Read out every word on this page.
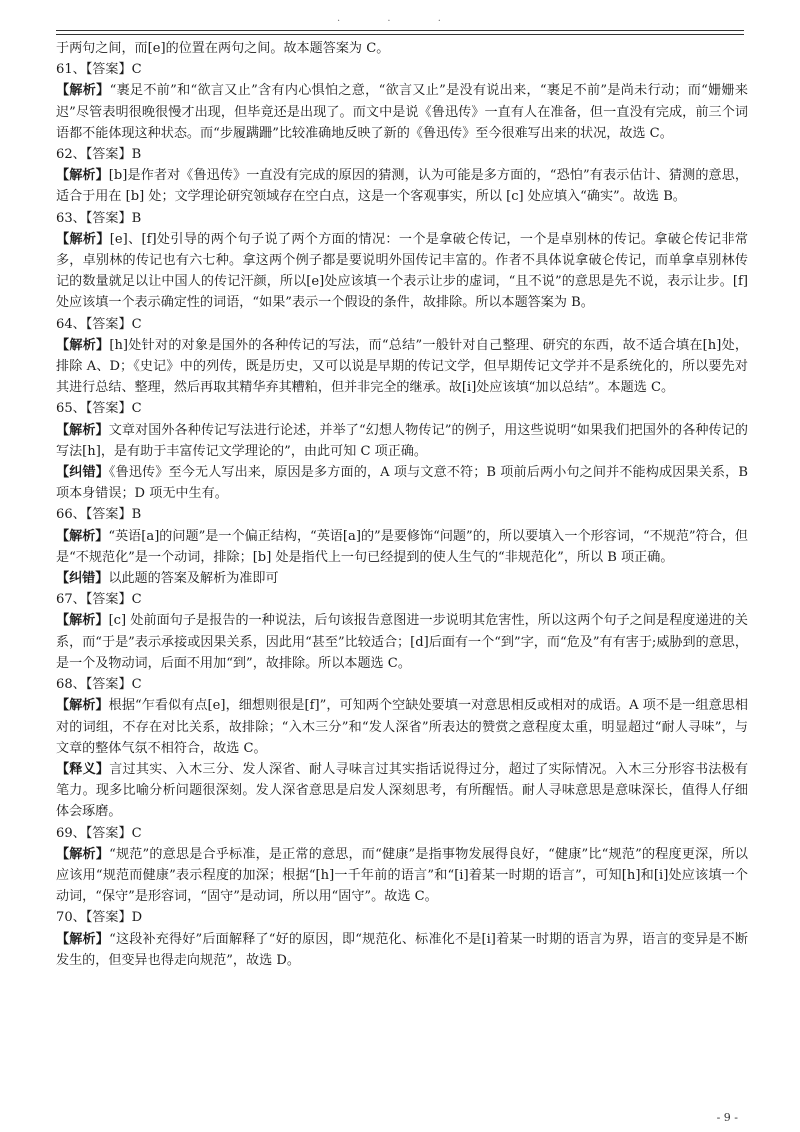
· · ·

于两句之间，而[e]的位置在两句之间。故本题答案为 C。

61、【答案】C

【解析】“裹足不前”和“欲言又止”含有内心惧怕之意，“欲言又止”是没有说出来，“裹足不前”是尚未行动；而“姗姗来迟”尽管表明很晚很慢才出现，但毕竟还是出现了。而文中是说《鲁迅传》一直有人在准备，但一直没有完成，前三个词语都不能体现这种状态。而“步履蹒跚”比较准确地反映了新的《鲁迅传》至今很难写出来的状况，故选 C。

62、【答案】B

【解析】[b]是作者对《鲁迅传》一直没有完成的原因的猜测，认为可能是多方面的，“恐怕”有表示估计、猜测的意思，适合于用在 [b] 处；文学理论研究领域存在空白点，这是一个客观事实，所以 [c] 处应填入“确实”。故选 B。

63、【答案】B

【解析】[e]、[f]处引导的两个句子说了两个方面的情况：一个是拿破仑传记，一个是卓别林的传记。拿破仑传记非常多，卓别林的传记也有六七种。拿这两个例子都是要说明外国传记丰富的。作者不具体说拿破仑传记，而单拿卓别林传记的数量就足以让中国人的传记汗颜，所以[e]处应该填一个表示让步的虚词，“且不说”的意思是先不说，表示让步。[f]处应该填一个表示确定性的词语，“如果”表示一个假设的条件，故排除。所以本题答案为 B。

64、【答案】C

【解析】[h]处针对的对象是国外的各种传记的写法，而“总结”一般针对自己整理、研究的东西，故不适合填在[h]处，排除 A、D；《史记》中的列传，既是历史，又可以说是早期的传记文学，但早期传记文学并不是系统化的，所以要先对其进行总结、整理，然后再取其精华弃其糟粕，但并非完全的继承。故[i]处应该填“加以总结”。本题选 C。

65、【答案】C

【解析】文章对国外各种传记写法进行论述，并举了“幻想人物传记”的例子，用这些说明“如果我们把国外的各种传记的写法[h]，是有助于丰富传记文学理论的”，由此可知 C 项正确。

【纠错】《鲁迅传》至今无人写出来，原因是多方面的，A 项与文意不符；B 项前后两小句之间并不能构成因果关系，B 项本身错误；D 项无中生有。

66、【答案】B

【解析】“英语[a]的问题”是一个偏正结构，“英语[a]的”是要修饰“问题”的，所以要填入一个形容词，“不规范”符合，但是“不规范化”是一个动词，排除；[b] 处是指代上一句已经提到的使人生气的“非规范化”，所以 B 项正确。

【纠错】以此题的答案及解析为准即可

67、【答案】C

【解析】[c] 处前面句子是报告的一种说法，后句该报告意图进一步说明其危害性，所以这两个句子之间是程度递进的关系，而“于是”表示承接或因果关系，因此用“甚至”比较适合；[d]后面有一个“到”字，而“危及”有有害于;威胁到的意思，是一个及物动词，后面不用加“到”，故排除。所以本题选 C。

68、【答案】C

【解析】根据“乍看似有点[e]，细想则很是[f]”，可知两个空缺处要填一对意思相反或相对的成语。A 项不是一组意思相对的词组，不存在对比关系，故排除；“入木三分”和“发人深省”所表达的赞赏之意程度太重，明显超过“耐人寻味”，与文章的整体气氛不相符合，故选 C。

【释义】言过其实、入木三分、发人深省、耐人寻味言过其实指话说得过分，超过了实际情况。入木三分形容书法极有笔力。现多比喻分析问题很深刻。发人深省意思是启发人深刻思考，有所醒悟。耐人寻味意思是意味深长，值得人仔细体会琢磨。

69、【答案】C

【解析】“规范”的意思是合乎标准，是正常的意思，而“健康”是指事物发展得良好，“健康”比“规范”的程度更深，所以应该用“规范而健康”表示程度的加深；根据“[h]一千年前的语言”和“[i]着某一时期的语言”，可知[h]和[i]处应该填一个动词，“保守”是形容词，“固守”是动词，所以用“固守”。故选 C。

70、【答案】D

【解析】“这段补充得好”后面解释了“好的原因，即“规范化、标准化不是[i]着某一时期的语言为界，语言的变异是不断发生的，但变异也得走向规范”，故选 D。

- 9 -
